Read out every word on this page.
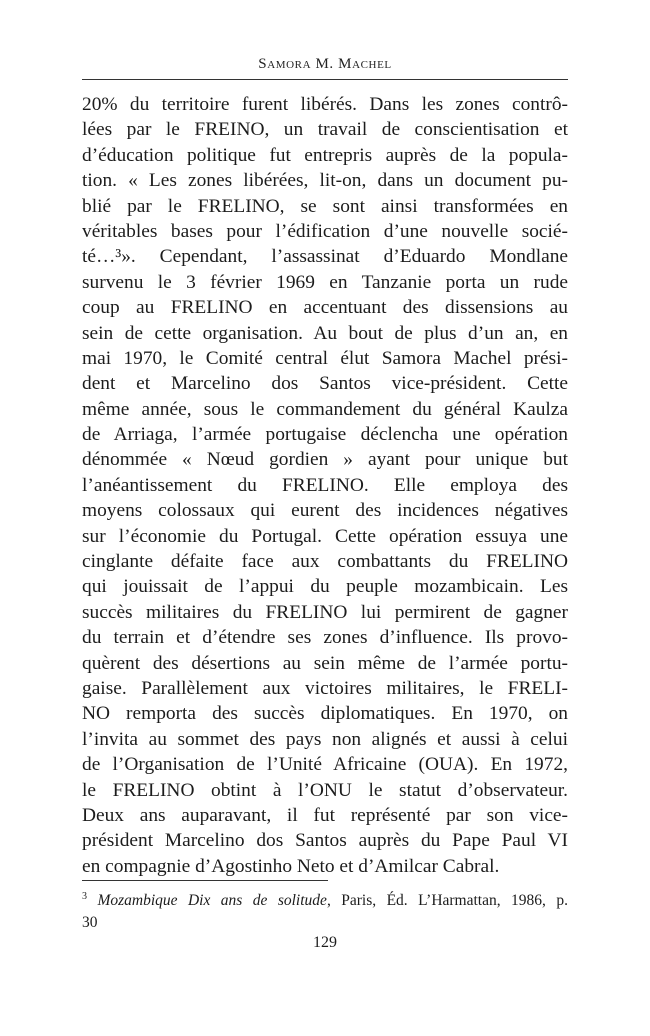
Samora M. Machel
20% du territoire furent libérés. Dans les zones contrô-
lées par le FREINO, un travail de conscientisation et
d’éducation politique fut entrepris auprès de la popula-
tion. « Les zones libérées, lit-on, dans un document pu-
blié par le FRELINO, se sont ainsi transformées en
véritables bases pour l’édification d’une nouvelle socié-
té…³». Cependant, l’assassinat d’Eduardo Mondlane
survenu le 3 février 1969 en Tanzanie porta un rude
coup au FRELINO en accentuant des dissensions au
sein de cette organisation. Au bout de plus d’un an, en
mai 1970, le Comité central élut Samora Machel prési-
dent et Marcelino dos Santos vice-président. Cette
même année, sous le commandement du général Kaulza
de Arriaga, l’armée portugaise déclencha une opération
dénommée « Nœud gordien » ayant pour unique but
l’anéantissement du FRELINO. Elle employa des
moyens colossaux qui eurent des incidences négatives
sur l’économie du Portugal. Cette opération essuya une
cinglante défaite face aux combattants du FRELINO
qui jouissait de l’appui du peuple mozambicain. Les
succès militaires du FRELINO lui permirent de gagner
du terrain et d’étendre ses zones d’influence. Ils provo-
quèrent des désertions au sein même de l’armée portu-
gaise. Parallèlement aux victoires militaires, le FRELI-
NO remporta des succès diplomatiques. En 1970, on
l’invita au sommet des pays non alignés et aussi à celui
de l’Organisation de l’Unité Africaine (OUA). En 1972,
le FRELINO obtint à l’ONU le statut d’observateur.
Deux ans auparavant, il fut représenté par son vice-
président Marcelino dos Santos auprès du Pape Paul VI
en compagnie d’Agostinho Neto et d’Amilcar Cabral.
$^3$ Mozambique Dix ans de solitude, Paris, Éd. L’Harmattan, 1986, p.
30
129
